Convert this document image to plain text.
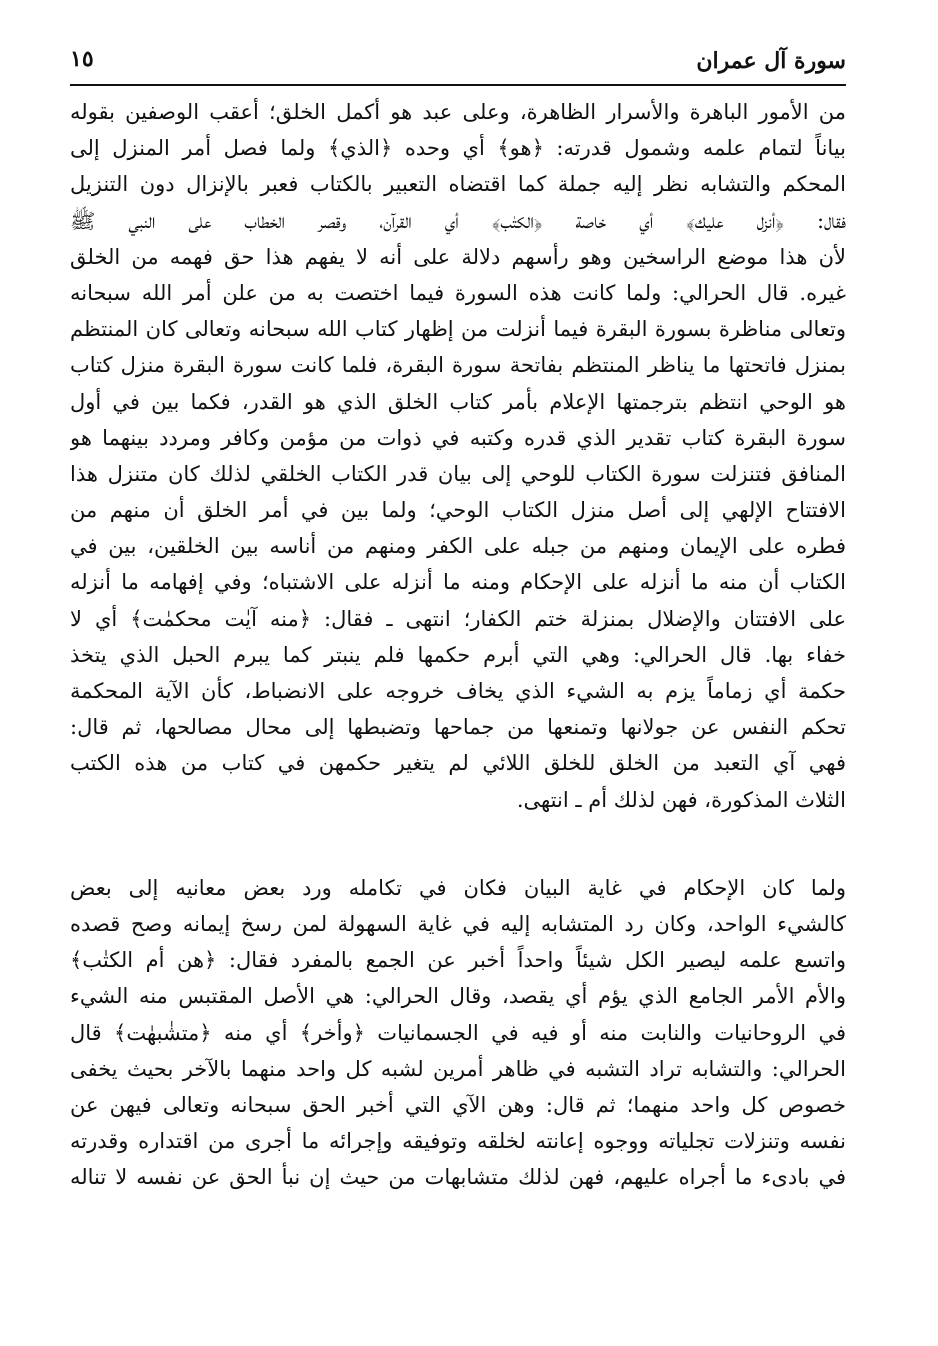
سورة آل عمران
١٥
من الأمور الباهرة والأسرار الظاهرة، وعلى عبد هو أكمل الخلق؛ أعقب الوصفين بقوله
بياناً لتمام علمه وشمول قدرته: ﴿هو﴾ أي وحده ﴿الذي﴾ ولما فصل أمر المنزل إلى
المحكم والتشابه نظر إليه جملة كما اقتضاه التعبير بالكتاب فعبر بالإنزال دون التنزيل
فقال: ﴿أنزل عليك﴾ أي خاصة ﴿الكتٰب﴾ أي القرآن، وقصر الخطاب على النبي ﷺ
لأن هذا موضع الراسخين وهو رأسهم دلالة على أنه لا يفهم هذا حق فهمه من الخلق
غيره. قال الحرالي: ولما كانت هذه السورة فيما اختصت به من علن أمر الله سبحانه
وتعالى مناظرة بسورة البقرة فيما أنزلت من إظهار كتاب الله سبحانه وتعالى كان المنتظم
بمنزل فاتحتها ما يناظر المنتظم بفاتحة سورة البقرة، فلما كانت سورة البقرة منزل كتاب
هو الوحي انتظم بترجمتها الإعلام بأمر كتاب الخلق الذي هو القدر، فكما بين في أول
سورة البقرة كتاب تقدير الذي قدره وكتبه في ذوات من مؤمن وكافر ومردد بينهما هو
المنافق فتنزلت سورة الكتاب للوحي إلى بيان قدر الكتاب الخلقي لذلك كان متنزل هذا
الافتتاح الإلهي إلى أصل منزل الكتاب الوحي؛ ولما بين في أمر الخلق أن منهم من
فطره على الإيمان ومنهم من جبله على الكفر ومنهم من أناسه بين الخلقين، بين في
الكتاب أن منه ما أنزله على الإحكام ومنه ما أنزله على الاشتباه؛ وفي إفهامه ما أنزله
على الافتتان والإضلال بمنزلة ختم الكفار؛ انتهى ـ فقال: ﴿منه آيٰت محكمٰت﴾ أي لا
خفاء بها. قال الحرالي: وهي التي أبرم حكمها فلم ينبتر كما يبرم الحبل الذي يتخذ
حكمة أي زماماً يزم به الشيء الذي يخاف خروجه على الانضباط، كأن الآية المحكمة
تحكم النفس عن جولانها وتمنعها من جماحها وتضبطها إلى محال مصالحها، ثم قال:
فهي آي التعبد من الخلق للخلق اللائي لم يتغير حكمهن في كتاب من هذه الكتب
الثلاث المذكورة، فهن لذلك أم ـ انتهى.
ولما كان الإحكام في غاية البيان فكان في تكامله ورد بعض معانيه إلى بعض
كالشيء الواحد، وكان رد المتشابه إليه في غاية السهولة لمن رسخ إيمانه وصح قصده
واتسع علمه ليصير الكل شيئاً واحداً أخبر عن الجمع بالمفرد فقال: ﴿هن أم الكتٰب﴾
والأم الأمر الجامع الذي يؤم أي يقصد، وقال الحرالي: هي الأصل المقتبس منه الشيء
في الروحانيات والنابت منه أو فيه في الجسمانيات ﴿وأخر﴾ أي منه ﴿متشٰبهٰت﴾ قال
الحرالي: والتشابه تراد التشبه في ظاهر أمرين لشبه كل واحد منهما بالآخر بحيث يخفى
خصوص كل واحد منهما؛ ثم قال: وهن الآي التي أخبر الحق سبحانه وتعالى فيهن عن
نفسه وتنزلات تجلياته ووجوه إعانته لخلقه وتوفيقه وإجرائه ما أجرى من اقتداره وقدرته
في بادىء ما أجراه عليهم، فهن لذلك متشابهات من حيث إن نبأ الحق عن نفسه لا تناله
